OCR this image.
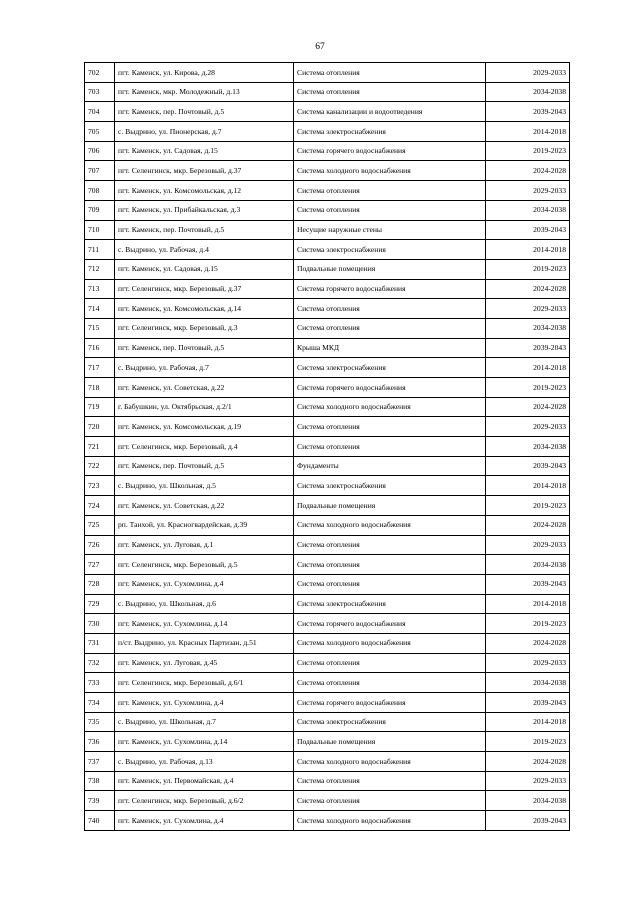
67
702	пгт. Каменск, ул. Кирова, д.28	Система отопления	2029-2033
703	пгт. Каменск, мкр. Молодежный, д.13	Система отопления	2034-2038
704	пгт. Каменск, пер. Почтовый, д.5	Система канализации и водоотведения	2039-2043
705	с. Выдрино, ул. Пионерская, д.7	Система электроснабжения	2014-2018
706	пгт. Каменск, ул. Садовая, д.15	Система горячего водоснабжения	2019-2023
707	пгт. Селенгинск, мкр. Березовый, д.37	Система холодного водоснабжения	2024-2028
708	пгт. Каменск, ул. Комсомольская, д.12	Система отопления	2029-2033
709	пгт. Каменск, ул. Прибайкальская, д.3	Система отопления	2034-2038
710	пгт. Каменск, пер. Почтовый, д.5	Несущие наружные стены	2039-2043
711	с. Выдрино, ул. Рабочая, д.4	Система электроснабжения	2014-2018
712	пгт. Каменск, ул. Садовая, д.15	Подвальные помещения	2019-2023
713	пгт. Селенгинск, мкр. Березовый, д.37	Система горячего водоснабжения	2024-2028
714	пгт. Каменск, ул. Комсомольская, д.14	Система отопления	2029-2033
715	пгт. Селенгинск, мкр. Березовый, д.3	Система отопления	2034-2038
716	пгт. Каменск, пер. Почтовый, д.5	Крыша МКД	2039-2043
717	с. Выдрино, ул. Рабочая, д.7	Система электроснабжения	2014-2018
718	пгт. Каменск, ул. Советская, д.22	Система горячего водоснабжения	2019-2023
719	г. Бабушкин, ул. Октябрьская, д.2/1	Система холодного водоснабжения	2024-2028
720	пгт. Каменск, ул. Комсомольская, д.19	Система отопления	2029-2033
721	пгт. Селенгинск, мкр. Березовый, д.4	Система отопления	2034-2038
722	пгт. Каменск, пер. Почтовый, д.5	Фундаменты	2039-2043
723	с. Выдрино, ул. Школьная, д.5	Система электроснабжения	2014-2018
724	пгт. Каменск, ул. Советская, д.22	Подвальные помещения	2019-2023
725	рп. Танхой, ул. Красногвардейская, д.39	Система холодного водоснабжения	2024-2028
726	пгт. Каменск, ул. Луговая, д.1	Система отопления	2029-2033
727	пгт. Селенгинск, мкр. Березовый, д.5	Система отопления	2034-2038
728	пгт. Каменск, ул. Сухомлина, д.4	Система отопления	2039-2043
729	с. Выдрино, ул. Школьная, д.6	Система электроснабжения	2014-2018
730	пгт. Каменск, ул. Сухомлина, д.14	Система горячего водоснабжения	2019-2023
731	п/ст. Выдрино, ул. Красных Партизан, д.51	Система холодного водоснабжения	2024-2028
732	пгт. Каменск, ул. Луговая, д.45	Система отопления	2029-2033
733	пгт. Селенгинск, мкр. Березовый, д.6/1	Система отопления	2034-2038
734	пгт. Каменск, ул. Сухомлина, д.4	Система горячего водоснабжения	2039-2043
735	с. Выдрино, ул. Школьная, д.7	Система электроснабжения	2014-2018
736	пгт. Каменск, ул. Сухомлина, д.14	Подвальные помещения	2019-2023
737	с. Выдрино, ул. Рабочая, д.13	Система холодного водоснабжения	2024-2028
738	пгт. Каменск, ул. Первомайская, д.4	Система отопления	2029-2033
739	пгт. Селенгинск, мкр. Березовый, д.6/2	Система отопления	2034-2038
740	пгт. Каменск, ул. Сухомлина, д.4	Система холодного водоснабжения	2039-2043
